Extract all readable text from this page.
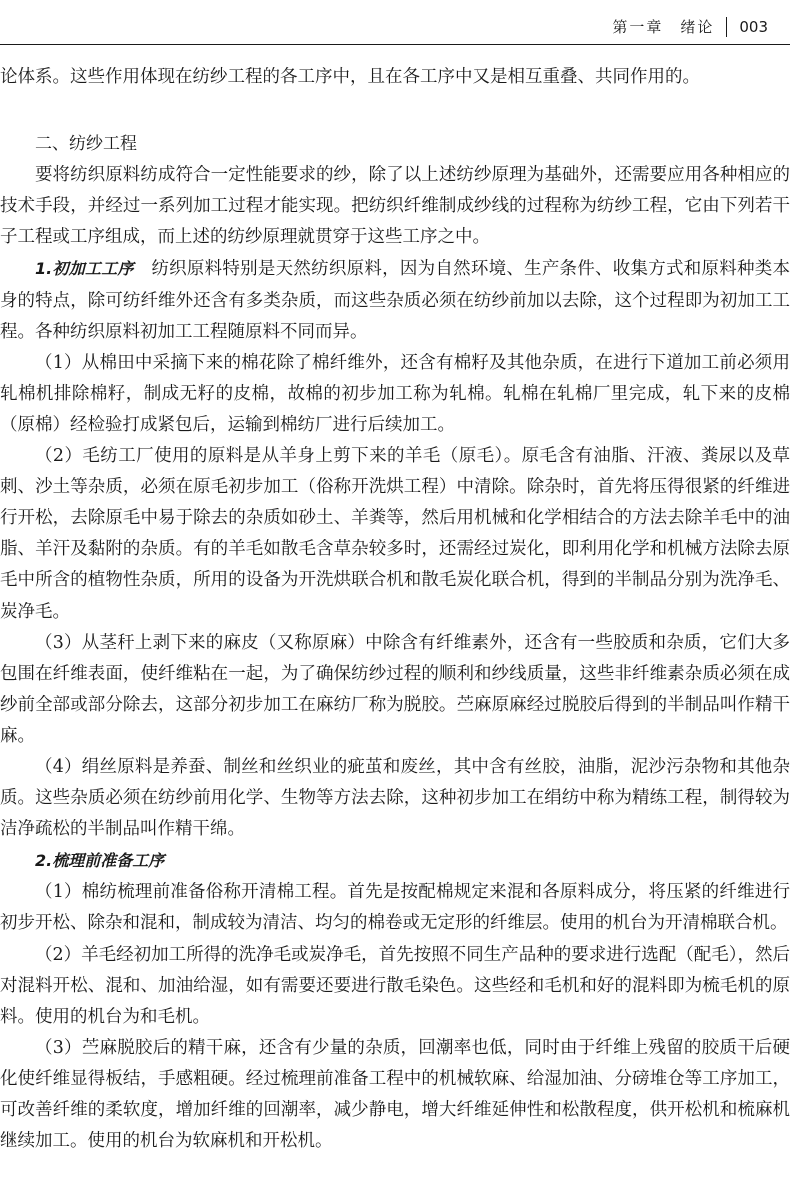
第一章　绪论 003

论体系。这些作用体现在纺纱工程的各工序中，且在各工序中又是相互重叠、共同作用的。

二、纺纱工程

要将纺织原料纺成符合一定性能要求的纱，除了以上述纺纱原理为基础外，还需要应用各种相应的技术手段，并经过一系列加工过程才能实现。把纺织纤维制成纱线的过程称为纺纱工程，它由下列若干子工程或工序组成，而上述的纺纱原理就贯穿于这些工序之中。

1.初加工工序　 纺织原料特别是天然纺织原料，因为自然环境、生产条件、收集方式和原料种类本身的特点，除可纺纤维外还含有多类杂质，而这些杂质必须在纺纱前加以去除，这个过程即为初加工工程。各种纺织原料初加工工程随原料不同而异。

（1）从棉田中采摘下来的棉花除了棉纤维外，还含有棉籽及其他杂质，在进行下道加工前必须用轧棉机排除棉籽，制成无籽的皮棉，故棉的初步加工称为轧棉。轧棉在轧棉厂里完成，轧下来的皮棉（原棉）经检验打成紧包后，运输到棉纺厂进行后续加工。

（2）毛纺工厂使用的原料是从羊身上剪下来的羊毛（原毛）。原毛含有油脂、汗液、粪尿以及草刺、沙土等杂质，必须在原毛初步加工（俗称开洗烘工程）中清除。除杂时，首先将压得很紧的纤维进行开松，去除原毛中易于除去的杂质如砂土、羊粪等，然后用机械和化学相结合的方法去除羊毛中的油脂、羊汗及黏附的杂质。有的羊毛如散毛含草杂较多时，还需经过炭化，即利用化学和机械方法除去原毛中所含的植物性杂质，所用的设备为开洗烘联合机和散毛炭化联合机，得到的半制品分别为洗净毛、炭净毛。

（3）从茎秆上剥下来的麻皮（又称原麻）中除含有纤维素外，还含有一些胶质和杂质，它们大多包围在纤维表面，使纤维粘在一起，为了确保纺纱过程的顺利和纱线质量，这些非纤维素杂质必须在成纱前全部或部分除去，这部分初步加工在麻纺厂称为脱胶。苎麻原麻经过脱胶后得到的半制品叫作精干麻。

（4）绢丝原料是养蚕、制丝和丝织业的疵茧和废丝，其中含有丝胶，油脂，泥沙污杂物和其他杂质。这些杂质必须在纺纱前用化学、生物等方法去除，这种初步加工在绢纺中称为精练工程，制得较为洁净疏松的半制品叫作精干绵。

2.梳理前准备工序

（1）棉纺梳理前准备俗称开清棉工程。首先是按配棉规定来混和各原料成分，将压紧的纤维进行初步开松、除杂和混和，制成较为清洁、均匀的棉卷或无定形的纤维层。使用的机台为开清棉联合机。

（2）羊毛经初加工所得的洗净毛或炭净毛，首先按照不同生产品种的要求进行选配（配毛），然后对混料开松、混和、加油给湿，如有需要还要进行散毛染色。这些经和毛机和好的混料即为梳毛机的原料。使用的机台为和毛机。

（3）苎麻脱胶后的精干麻，还含有少量的杂质，回潮率也低，同时由于纤维上残留的胶质干后硬化使纤维显得板结，手感粗硬。经过梳理前准备工程中的机械软麻、给湿加油、分磅堆仓等工序加工，可改善纤维的柔软度，增加纤维的回潮率，减少静电，增大纤维延伸性和松散程度，供开松机和梳麻机继续加工。使用的机台为软麻机和开松机。
